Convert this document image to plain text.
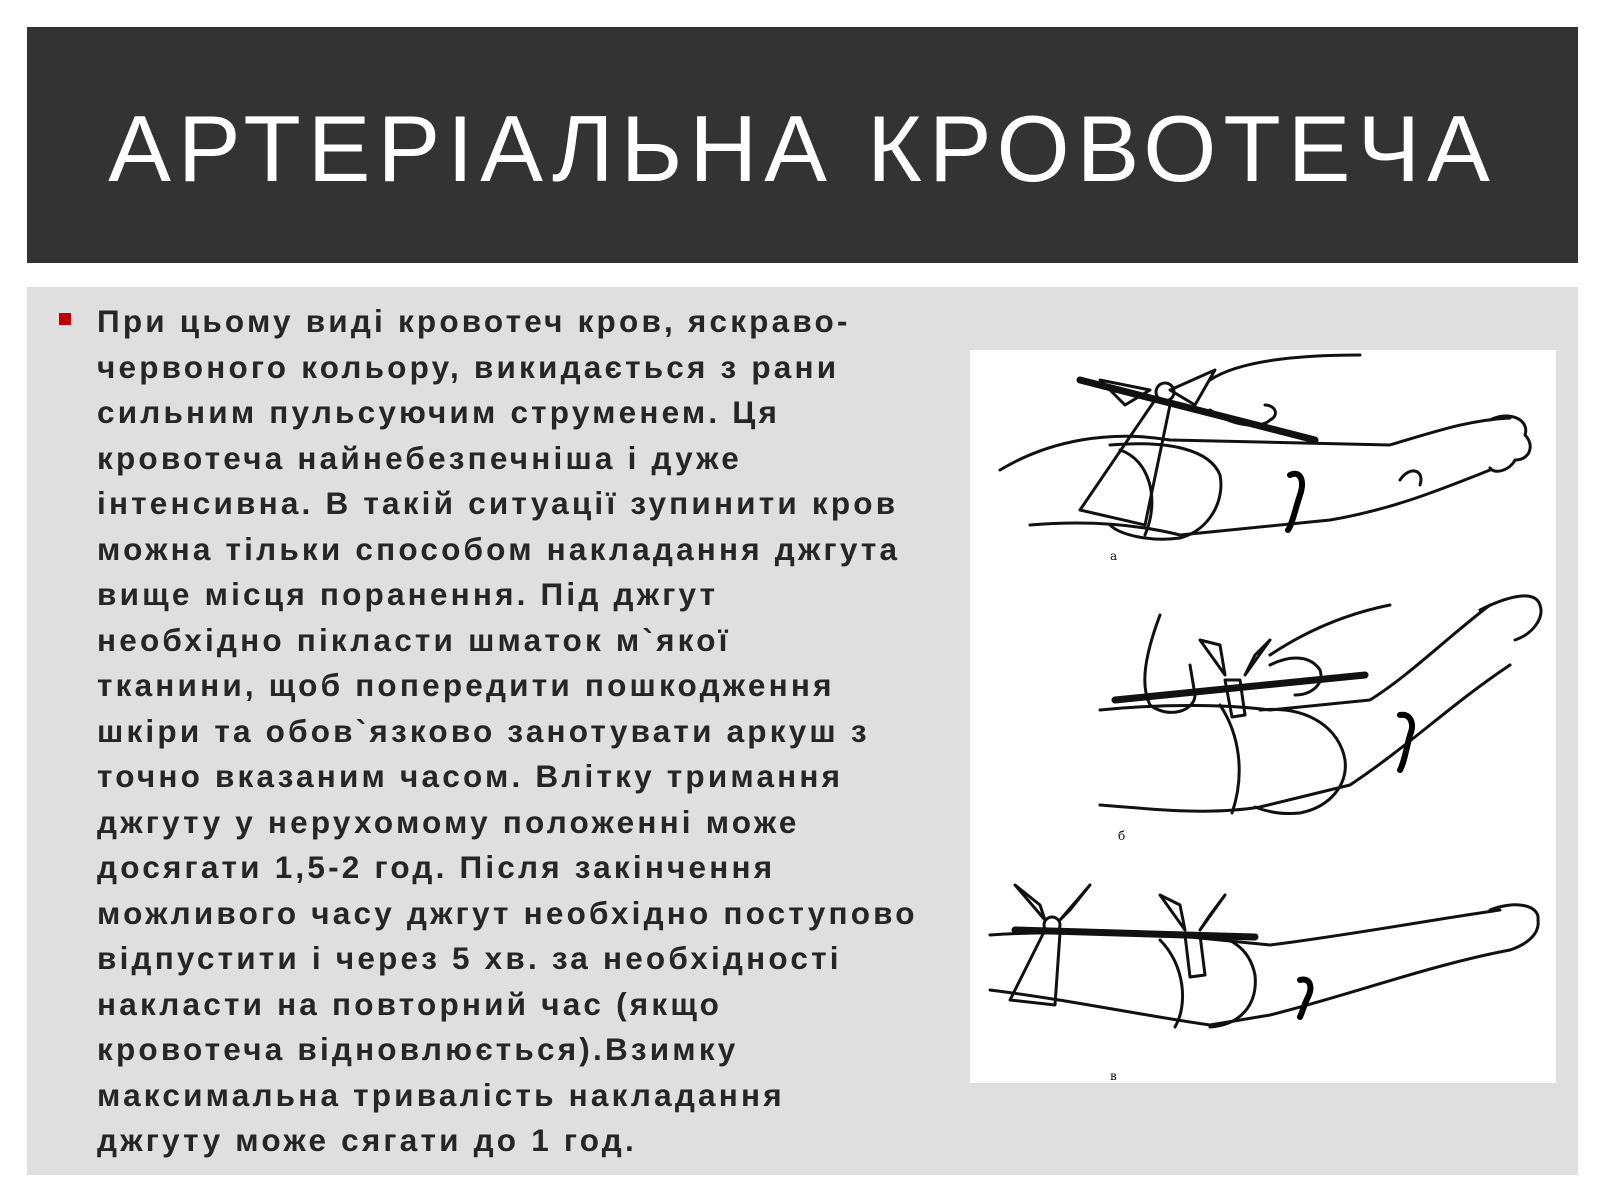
АРТЕРІАЛЬНА КРОВОТЕЧА

При цьому виді кровотеч кров, яскраво-
червоного кольору, викидається з рани
сильним пульсуючим струменем. Ця
кровотеча найнебезпечніша і дуже
інтенсивна. В такій ситуації зупинити кров
можна тільки способом накладання джгута
вище місця поранення. Під джгут
необхідно пікласти шматок м`якої
тканини, щоб попередити пошкодження
шкіри та обов`язково занотувати аркуш з
точно вказаним часом. Влітку тримання
джгуту у нерухомому положенні може
досягати 1,5-2 год. Після закінчення
можливого часу джгут необхідно поступово
відпустити і через 5 хв. за необхідності
накласти на повторний час (якщо
кровотеча відновлюється).Взимку
максимальна тривалість накладання
джгуту може сягати до 1 год.

а
б
в
